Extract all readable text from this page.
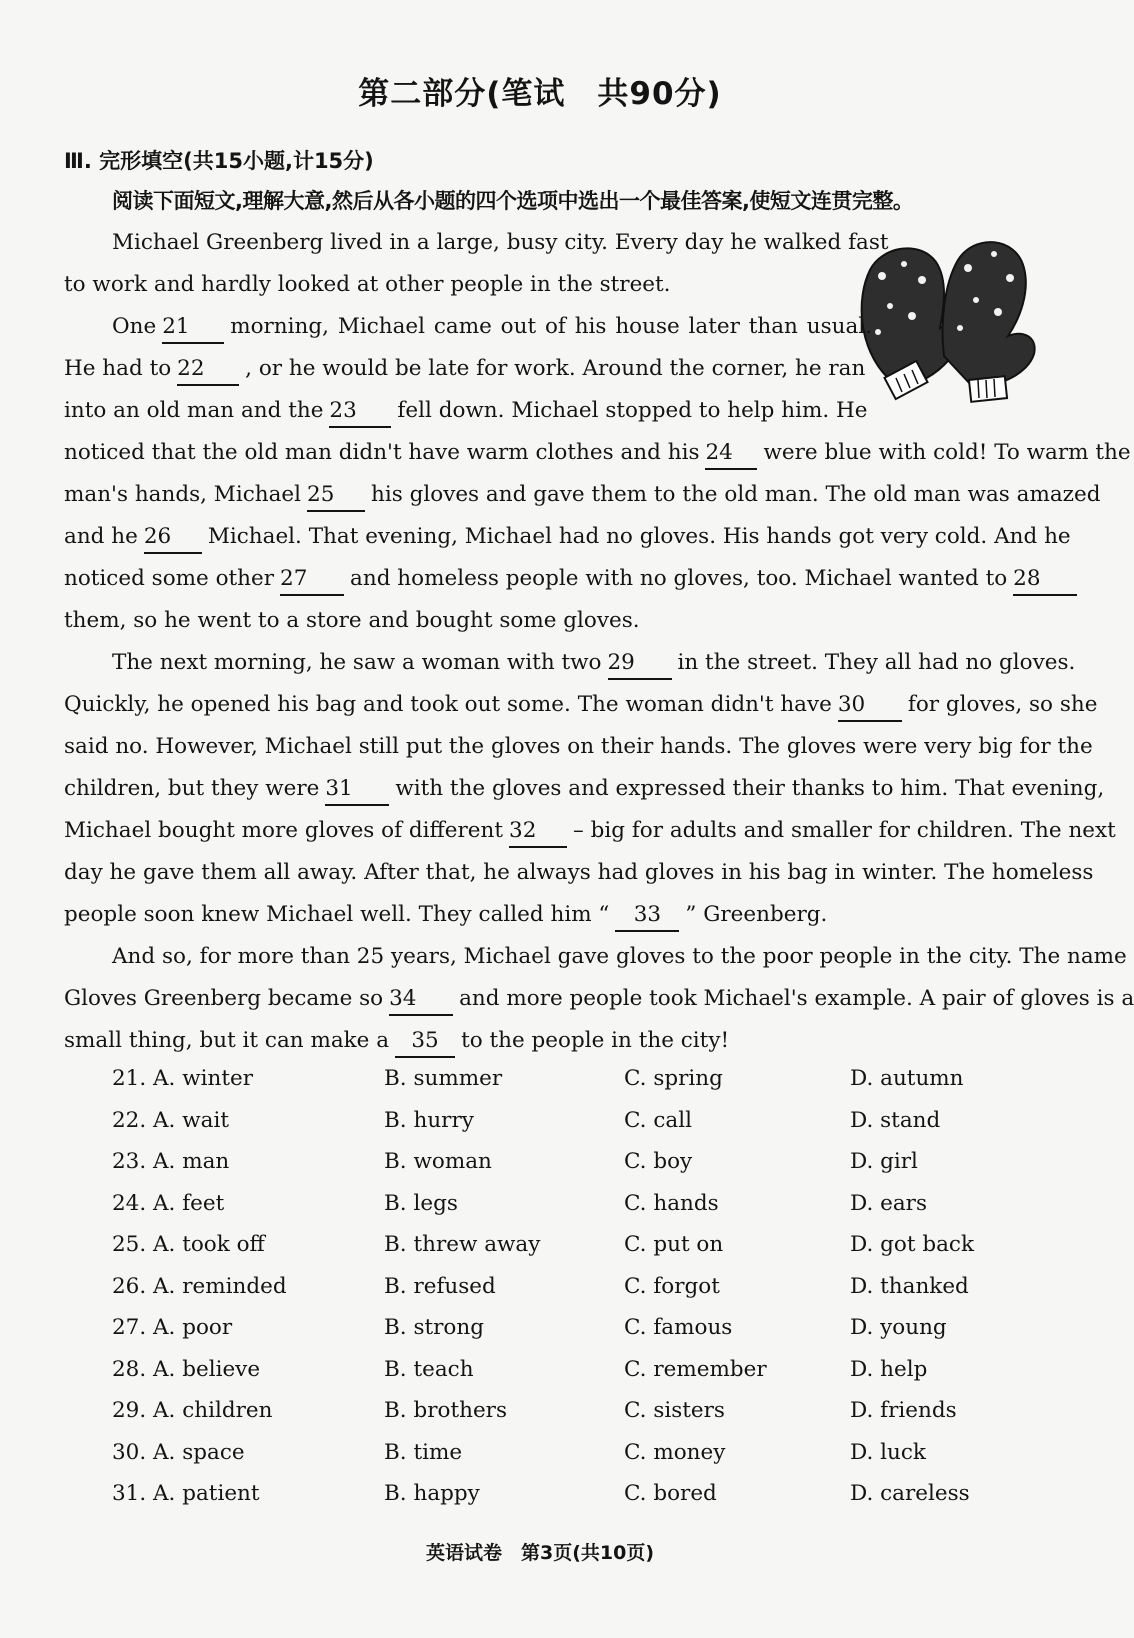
第二部分(笔试　共90分)
Ⅲ. 完形填空(共15小题,计15分)
阅读下面短文,理解大意,然后从各小题的四个选项中选出一个最佳答案,使短文连贯完整。
Michael Greenberg lived in a large, busy city. Every day he walked fast
to work and hardly looked at other people in the street.
One 21 morning, Michael came out of his house later than usual.
He had to 22 , or he would be late for work. Around the corner, he ran
into an old man and the 23 fell down. Michael stopped to help him. He
noticed that the old man didn't have warm clothes and his 24 were blue with cold! To warm the
man's hands, Michael 25 his gloves and gave them to the old man. The old man was amazed
and he 26 Michael. That evening, Michael had no gloves. His hands got very cold. And he
noticed some other 27 and homeless people with no gloves, too. Michael wanted to 28
them, so he went to a store and bought some gloves.
The next morning, he saw a woman with two 29 in the street. They all had no gloves.
Quickly, he opened his bag and took out some. The woman didn't have 30 for gloves, so she
said no. However, Michael still put the gloves on their hands. The gloves were very big for the
children, but they were 31 with the gloves and expressed their thanks to him. That evening,
Michael bought more gloves of different 32 – big for adults and smaller for children. The next
day he gave them all away. After that, he always had gloves in his bag in winter. The homeless
people soon knew Michael well. They called him “ 33 ” Greenberg.
And so, for more than 25 years, Michael gave gloves to the poor people in the city. The name
Gloves Greenberg became so 34 and more people took Michael's example. A pair of gloves is a
small thing, but it can make a 35 to the people in the city!
21. A. winter	B. summer	C. spring	D. autumn
22. A. wait	B. hurry	C. call	D. stand
23. A. man	B. woman	C. boy	D. girl
24. A. feet	B. legs	C. hands	D. ears
25. A. took off	B. threw away	C. put on	D. got back
26. A. reminded	B. refused	C. forgot	D. thanked
27. A. poor	B. strong	C. famous	D. young
28. A. believe	B. teach	C. remember	D. help
29. A. children	B. brothers	C. sisters	D. friends
30. A. space	B. time	C. money	D. luck
31. A. patient	B. happy	C. bored	D. careless
英语试卷　第3页(共10页)
